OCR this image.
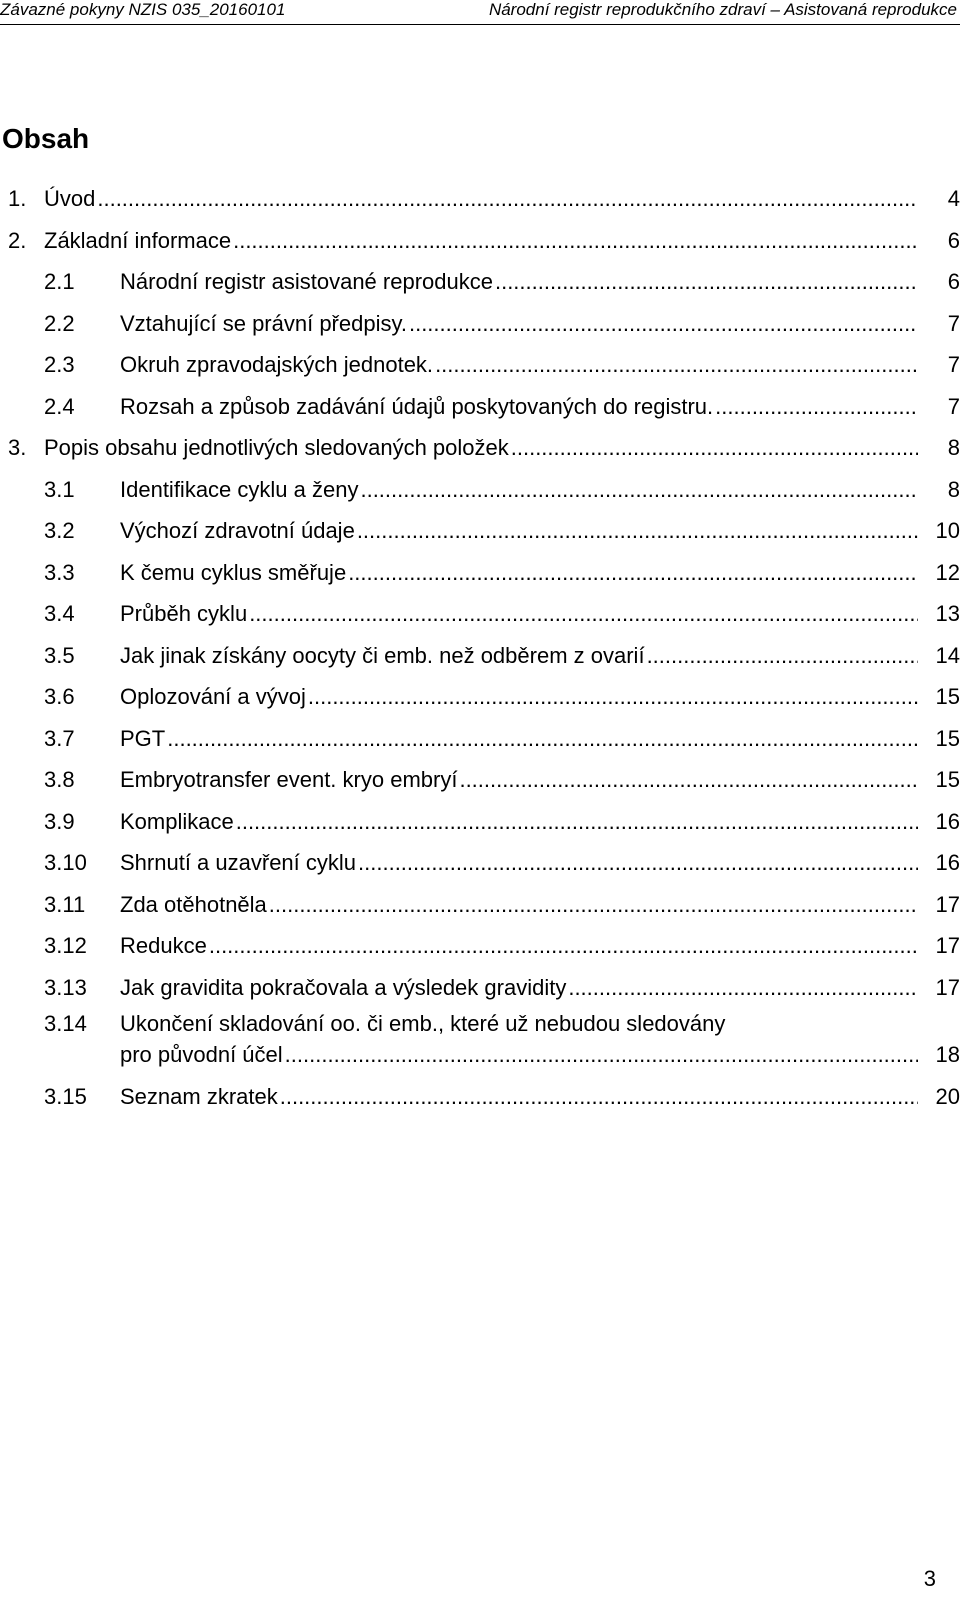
Závazné pokyny NZIS 035_20160101	Národní registr reprodukčního zdraví – Asistovaná reprodukce
Obsah
1. Úvod .....	4
2. Základní informace .....	6
2.1 Národní registr asistované reprodukce .....	6
2.2 Vztahující se právní předpisy. .....	7
2.3 Okruh zpravodajských jednotek. .....	7
2.4 Rozsah a způsob zadávání údajů poskytovaných do registru. .....	7
3. Popis obsahu jednotlivých sledovaných položek .....	8
3.1 Identifikace cyklu a ženy .....	8
3.2 Výchozí zdravotní údaje .....	10
3.3 K čemu cyklus směřuje .....	12
3.4 Průběh cyklu .....	13
3.5 Jak jinak získány oocyty či emb. než odběrem z ovarií .....	14
3.6 Oplozování a vývoj .....	15
3.7 PGT .....	15
3.8 Embryotransfer event. kryo embryí .....	15
3.9 Komplikace .....	16
3.10 Shrnutí a uzavření cyklu .....	16
3.11 Zda otěhotněla .....	17
3.12 Redukce .....	17
3.13 Jak gravidita pokračovala a výsledek gravidity .....	17
3.14 Ukončení skladování oo. či emb., které už nebudou sledovány
pro původní účel .....	18
3.15 Seznam zkratek .....	20
3
